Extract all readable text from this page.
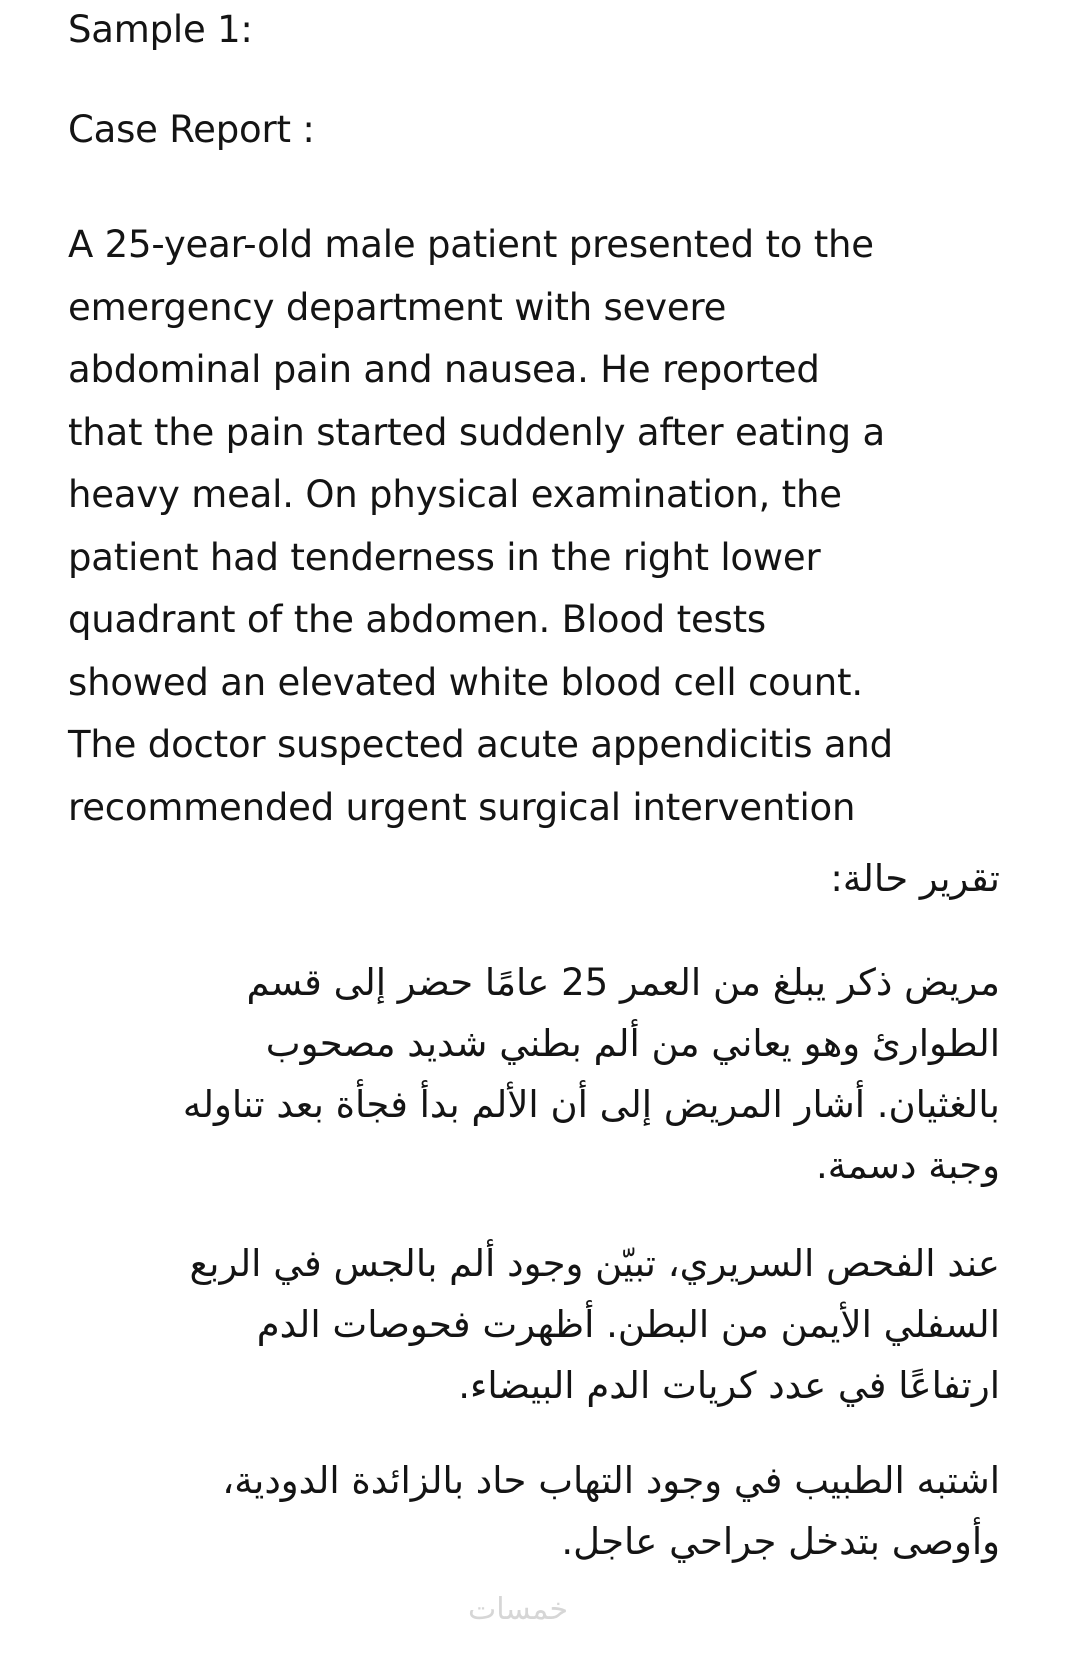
Sample 1:
Case Report :
A 25-year-old male patient presented to the
emergency department with severe
abdominal pain and nausea. He reported
that the pain started suddenly after eating a
heavy meal. On physical examination, the
patient had tenderness in the right lower
quadrant of the abdomen. Blood tests
showed an elevated white blood cell count.
The doctor suspected acute appendicitis and
recommended urgent surgical intervention
تقرير حالة:
مريض ذكر يبلغ من العمر 25 عامًا حضر إلى قسم
الطوارئ وهو يعاني من ألم بطني شديد مصحوب
بالغثيان. أشار المريض إلى أن الألم بدأ فجأة بعد تناوله
وجبة دسمة.
عند الفحص السريري، تبيّن وجود ألم بالجس في الربع
السفلي الأيمن من البطن. أظهرت فحوصات الدم
ارتفاعًا في عدد كريات الدم البيضاء.
اشتبه الطبيب في وجود التهاب حاد بالزائدة الدودية،
وأوصى بتدخل جراحي عاجل.
خمسات
